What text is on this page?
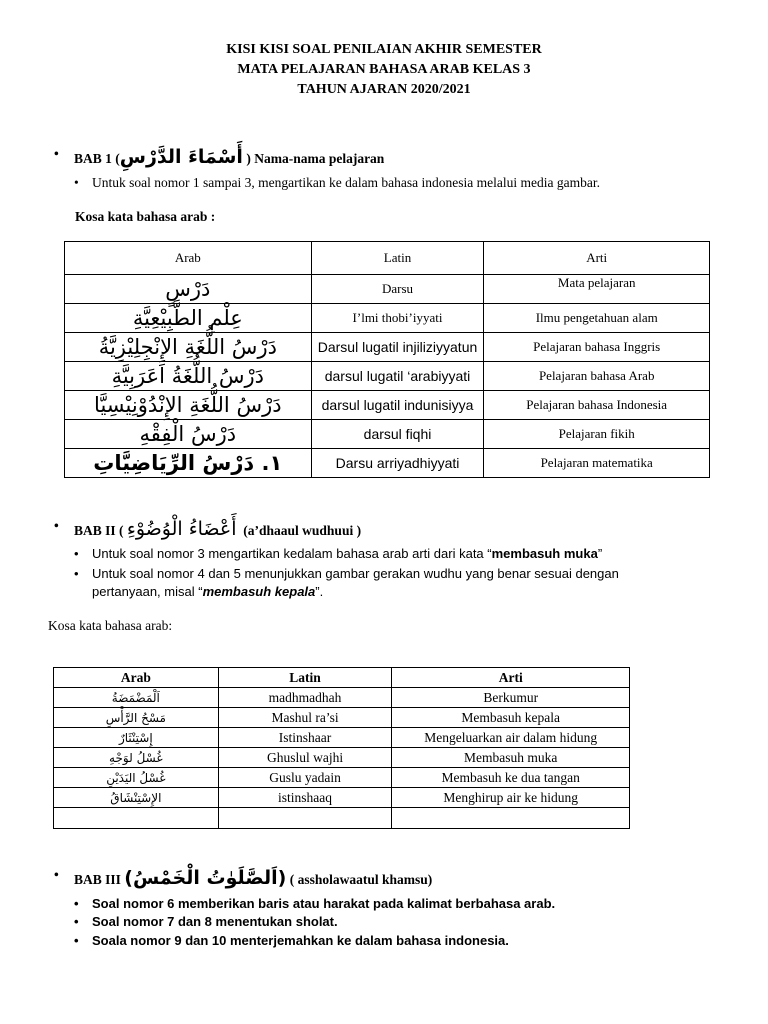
KISI KISI SOAL PENILAIAN AKHIR SEMESTER
MATA PELAJARAN BAHASA ARAB KELAS 3
TAHUN AJARAN 2020/2021
• BAB 1 (أَسْمَاءَ الدَّرْسِ ) Nama-nama pelajaran
• Untuk soal nomor 1 sampai 3, mengartikan ke dalam bahasa indonesia melalui media gambar.
Kosa kata bahasa arab :
Arab	Latin	Arti
دَرْسٍ	Darsu	Mata pelajaran
عِلْمِ الطَّبِيْعِيَّةِ	I’lmi thobi’iyyati	Ilmu pengetahuan alam
دَرْسُ اللُّغَةِ الإِنْجِلِيْزِيَّةُ	Darsul lugatil injiliziyyatun	Pelajaran bahasa Inggris
دَرْسُ اللُّغَةُ اَعَرَبِيَّةِ	darsul lugatil ‘arabiyyati	Pelajaran bahasa Arab
دَرْسُ اللُّغَةِ الإِنْدُوْنِيْسِيَّا	darsul lugatil indunisiyya	Pelajaran bahasa Indonesia
دَرْسُ الْفِقْهِ	darsul fiqhi	Pelajaran fikih
١. دَرْسُ الرِّيَاضِيَّاتِ	Darsu arriyadhiyyati	Pelajaran matematika
• BAB II ( أَعْضَاءُ الْوُضُوْءِ (a’dhaaul wudhuui )
• Untuk soal nomor 3 mengartikan kedalam bahasa arab arti dari kata “membasuh muka”
• Untuk soal nomor 4 dan 5 menunjukkan gambar gerakan wudhu yang benar sesuai dengan
pertanyaan, misal “membasuh kepala”.
Kosa kata bahasa arab:
Arab	Latin	Arti
اَلْمَضْمَضَةُ	madhmadhah	Berkumur
مَسْحُ الرَّأْسِ	Mashul ra’si	Membasuh kepala
إِسْتِنْثَارٌ	Istinshaar	Mengeluarkan air dalam hidung
غُسْلُ لوَجْهِ	Ghuslul wajhi	Membasuh muka
غُسْلُ اليَدَيْنِ	Guslu yadain	Membasuh ke dua tangan
الإِسْتِنْشَاقُ	istinshaaq	Menghirup air ke hidung

• BAB III (اَلصَّلَوٰتُ الْخَمْسُ) ( assholawaatul khamsu)
• Soal nomor 6 memberikan baris atau harakat pada kalimat berbahasa arab.
• Soal nomor 7 dan 8 menentukan sholat.
• Soala nomor 9 dan 10 menterjemahkan ke dalam bahasa indonesia.
